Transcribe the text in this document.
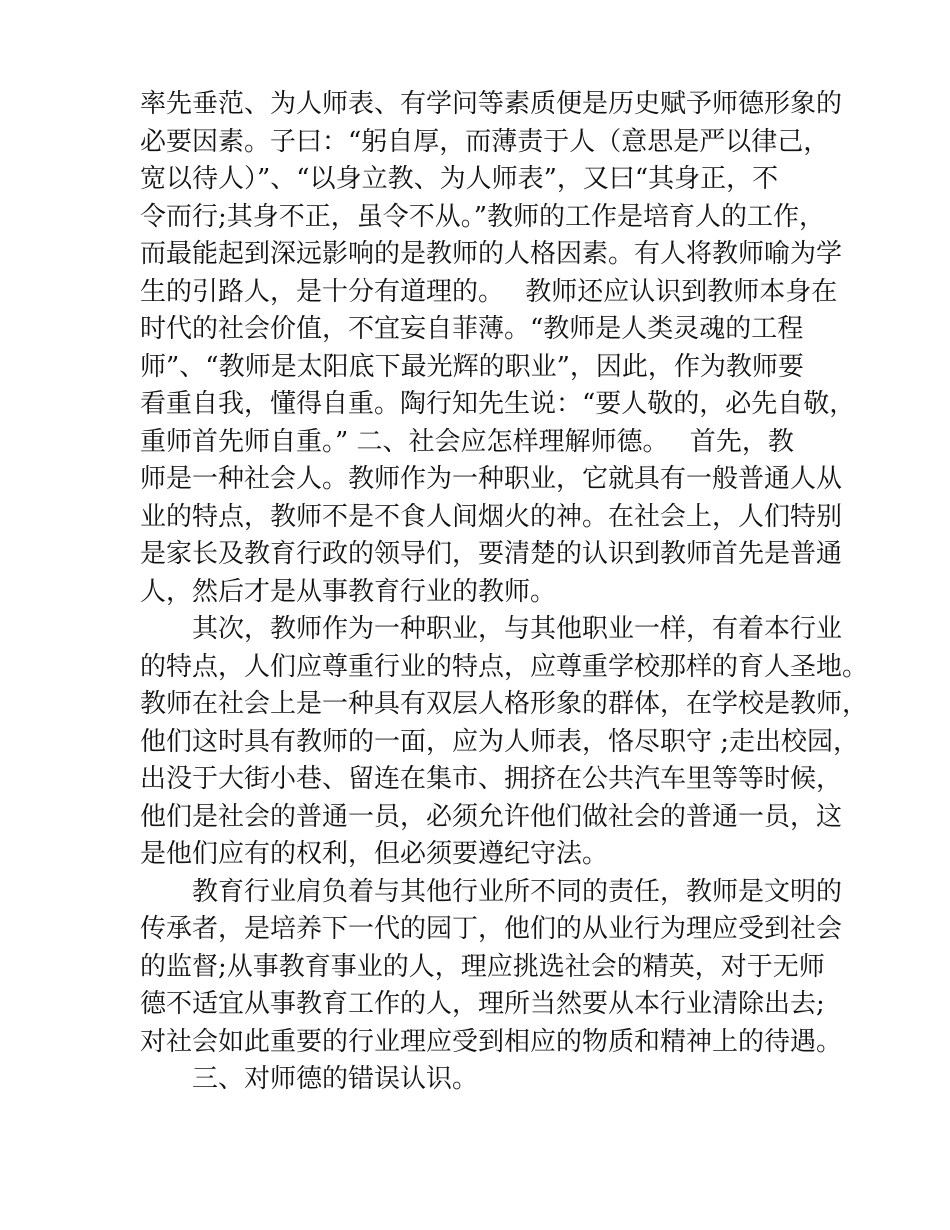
率先垂范、为人师表、有学问等素质便是历史赋予师德形象的
必要因素。子曰：“躬自厚，而薄责于人（意思是严以律己，
宽以待人）”、“以身立教、为人师表”，又曰“其身正，不
令而行;其身不正，虽令不从。”教师的工作是培育人的工作，
而最能起到深远影响的是教师的人格因素。有人将教师喻为学
生的引路人，是十分有道理的。　 教师还应认识到教师本身在
时代的社会价值，不宜妄自菲薄。“教师是人类灵魂的工程
师”、“教师是太阳底下最光辉的职业”，因此，作为教师要
看重自我，懂得自重。陶行知先生说：“要人敬的，必先自敬，
重师首先师自重。” 二、社会应怎样理解师德。　 首先，教
师是一种社会人。教师作为一种职业，它就具有一般普通人从
业的特点，教师不是不食人间烟火的神。在社会上，人们特别
是家长及教育行政的领导们，要清楚的认识到教师首先是普通
人，然后才是从事教育行业的教师。
　　其次，教师作为一种职业，与其他职业一样，有着本行业
的特点，人们应尊重行业的特点，应尊重学校那样的育人圣地。
教师在社会上是一种具有双层人格形象的群体，在学校是教师，
他们这时具有教师的一面，应为人师表，恪尽职守 ;走出校园，
出没于大街小巷、留连在集市、拥挤在公共汽车里等等时候，
他们是社会的普通一员，必须允许他们做社会的普通一员，这
是他们应有的权利，但必须要遵纪守法。
　　教育行业肩负着与其他行业所不同的责任，教师是文明的
传承者，是培养下一代的园丁，他们的从业行为理应受到社会
的监督;从事教育事业的人，理应挑选社会的精英，对于无师
德不适宜从事教育工作的人，理所当然要从本行业清除出去;
对社会如此重要的行业理应受到相应的物质和精神上的待遇。
　　三、对师德的错误认识。
